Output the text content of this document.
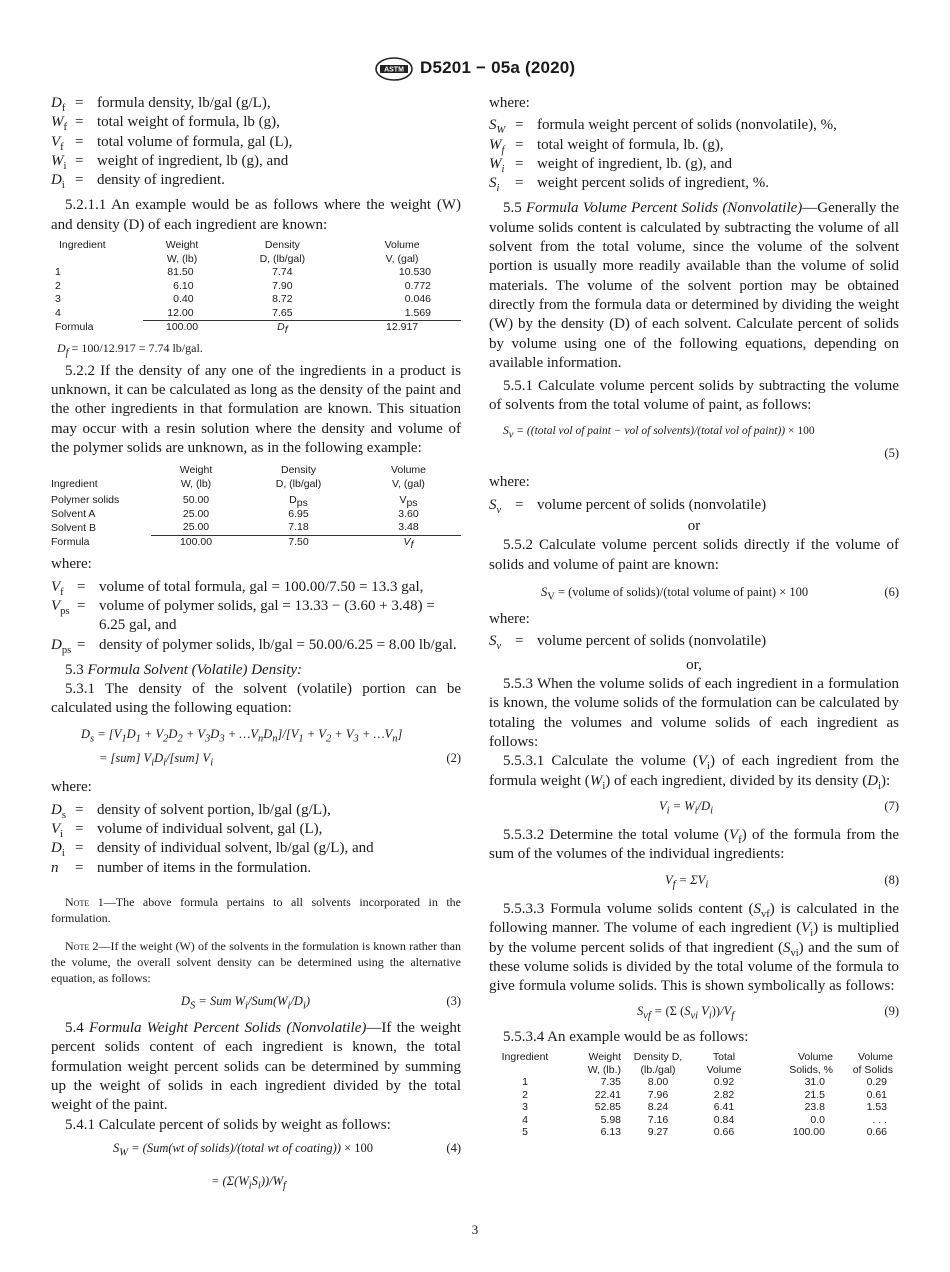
ASTM D5201 − 05a (2020)
$D_f$ = formula density, lb/gal (g/L),
$W_f$ = total weight of formula, lb (g),
$V_f$ = total volume of formula, gal (L),
$W_i$ = weight of ingredient, lb (g), and
$D_i$ = density of ingredient.

5.2.1.1 An example would be as follows where the weight (W) and density (D) of each ingredient are known:

Ingredient	Weight	Density	Volume
	W, (lb)	D, (lb/gal)	V, (gal)
1	81.50	7.74	10.530
2	6.10	7.90	0.772
3	0.40	8.72	0.046
4	12.00	7.65	1.569
Formula	100.00	$D_f$	12.917
$D_f = 100/12.917 = 7.74$ lb/gal.

5.2.2 If the density of any one of the ingredients in a product is unknown, it can be calculated as long as the density of the paint and the other ingredients in that formulation are known. This situation may occur with a resin solution where the density and volume of the polymer solids are unknown, as in the following example:

Ingredient	Weight	Density	Volume
	W, (lb)	D, (lb/gal)	V, (gal)

Polymer solids	50.00	$D_{ps}$	$V_{ps}$
Solvent A	25.00	6.95	3.60
Solvent B	25.00	7.18	3.48
Formula	100.00	7.50	$V_f$

where:

$V_f$ = volume of total formula, gal = 100.00/7.50 = 13.3 gal,
$V_{ps}$ = volume of polymer solids, gal = 13.33 − (3.60 + 3.48) = 6.25 gal, and
$D_{ps}$ = density of polymer solids, lb/gal = 50.00/6.25 = 8.00 lb/gal.

5.3 Formula Solvent (Volatile) Density:

5.3.1 The density of the solvent (volatile) portion can be calculated using the following equation:

$D_s = [V_1D_1 + V_2D_2 + V_3D_3$ + $\dots V_nD_n]/[V_1 + V_2 + V_3$ + $\dots V_n$]
= [sum] $V_iD_i/[sum]$ $V_i$	(2)

where:

$D_s$ = density of solvent portion, lb/gal (g/L),
$V_i$ = volume of individual solvent, gal (L),
$D_i$ = density of individual solvent, lb/gal (g/L), and
n	= number of items in the formulation.

Note 1—The above formula pertains to all solvents incorporated in the formulation.

Note 2—If the weight (W) of the solvents in the formulation is known rather than the volume, the overall solvent density can be determined using the alternative equation, as follows:

$D_S$ = Sum $W_i/Sum(W_i/D_i)$	(3)

5.4 Formula Weight Percent Solids (Nonvolatile)—If the weight percent solids content of each ingredient is known, the total formulation weight percent solids can be determined by summing up the weight of solids in each ingredient divided by the total weight of the paint.

5.4.1 Calculate percent of solids by weight as follows:

$S_W = (Sum(wt$ of solids)/(total wt of coating)) × 100	(4)
= $(\Sigma(W_iS_i))/W_f$

where:

$S_W$ = formula weight percent of solids (nonvolatile), %,
$W_f$ = total weight of formula, lb. (g),
$W_i$ = weight of ingredient, lb. (g), and
$S_i$	= weight percent solids of ingredient, %.

5.5 Formula Volume Percent Solids (Nonvolatile)—Generally the volume solids content is calculated by subtracting the volume of all solvent from the total volume, since the volume of the solvent portion is usually more readily available than the volume of solid materials. The volume of the solvent portion may be obtained directly from the formula data or determined by dividing the weight (W) by the density (D) of each solvent. Calculate percent of solids by volume using one of the following equations, depending on available information.

5.5.1 Calculate volume percent solids by subtracting the volume of solvents from the total volume of paint, as follows:

$S_v$ = ((total vol of paint − vol of solvents)/(total vol of paint)) × 100
(5)

where:

$S_v$ = volume percent of solids (nonvolatile)

or

5.5.2 Calculate volume percent solids directly if the volume of solids and volume of paint are known:

$S_V$ = (volume of solids)/(total volume of paint) × 100	(6)

where:

$S_v$ = volume percent of solids (nonvolatile)

or,

5.5.3 When the volume solids of each ingredient in a formulation is known, the volume solids of the formulation can be calculated by totaling the volumes and volume solids of each ingredient as follows:

5.5.3.1 Calculate the volume $(V_i)$ of each ingredient from the formula weight $(W_i)$ of each ingredient, divided by its density $(D_i)$:

$V_i = W_i/D_i$	(7)

5.5.3.2 Determine the total volume $(V_f)$ of the formula from the sum of the volumes of the individual ingredients:

$V_f = \Sigma V_i$	(8)

5.5.3.3 Formula volume solids content $(S_{vf})$ is calculated in the following manner. The volume of each ingredient $(V_i)$ is multiplied by the volume percent solids of that ingredient $(S_{vi})$ and the sum of these volume solids is divided by the total volume of the formula to give formula volume solids. This is shown symbolically as follows:

$S_{vf} = (\Sigma$ ($S_{vi}$ $V_i))/V_f$	(9)

5.5.3.4 An example would be as follows:

Ingredient	Weight	Density D,	Total	Volume	Volume
	W, (lb.)	(lb./gal)	Volume	Solids, %	of Solids
1	7.35	8.00	0.92	31.0	0.29
2	22.41	7.96	2.82	21.5	0.61
3	52.85	8.24	6.41	23.8	1.53
4	5.98	7.16	0.84	0.0	. . .
5	6.13	9.27	0.66	100.00	0.66
3
